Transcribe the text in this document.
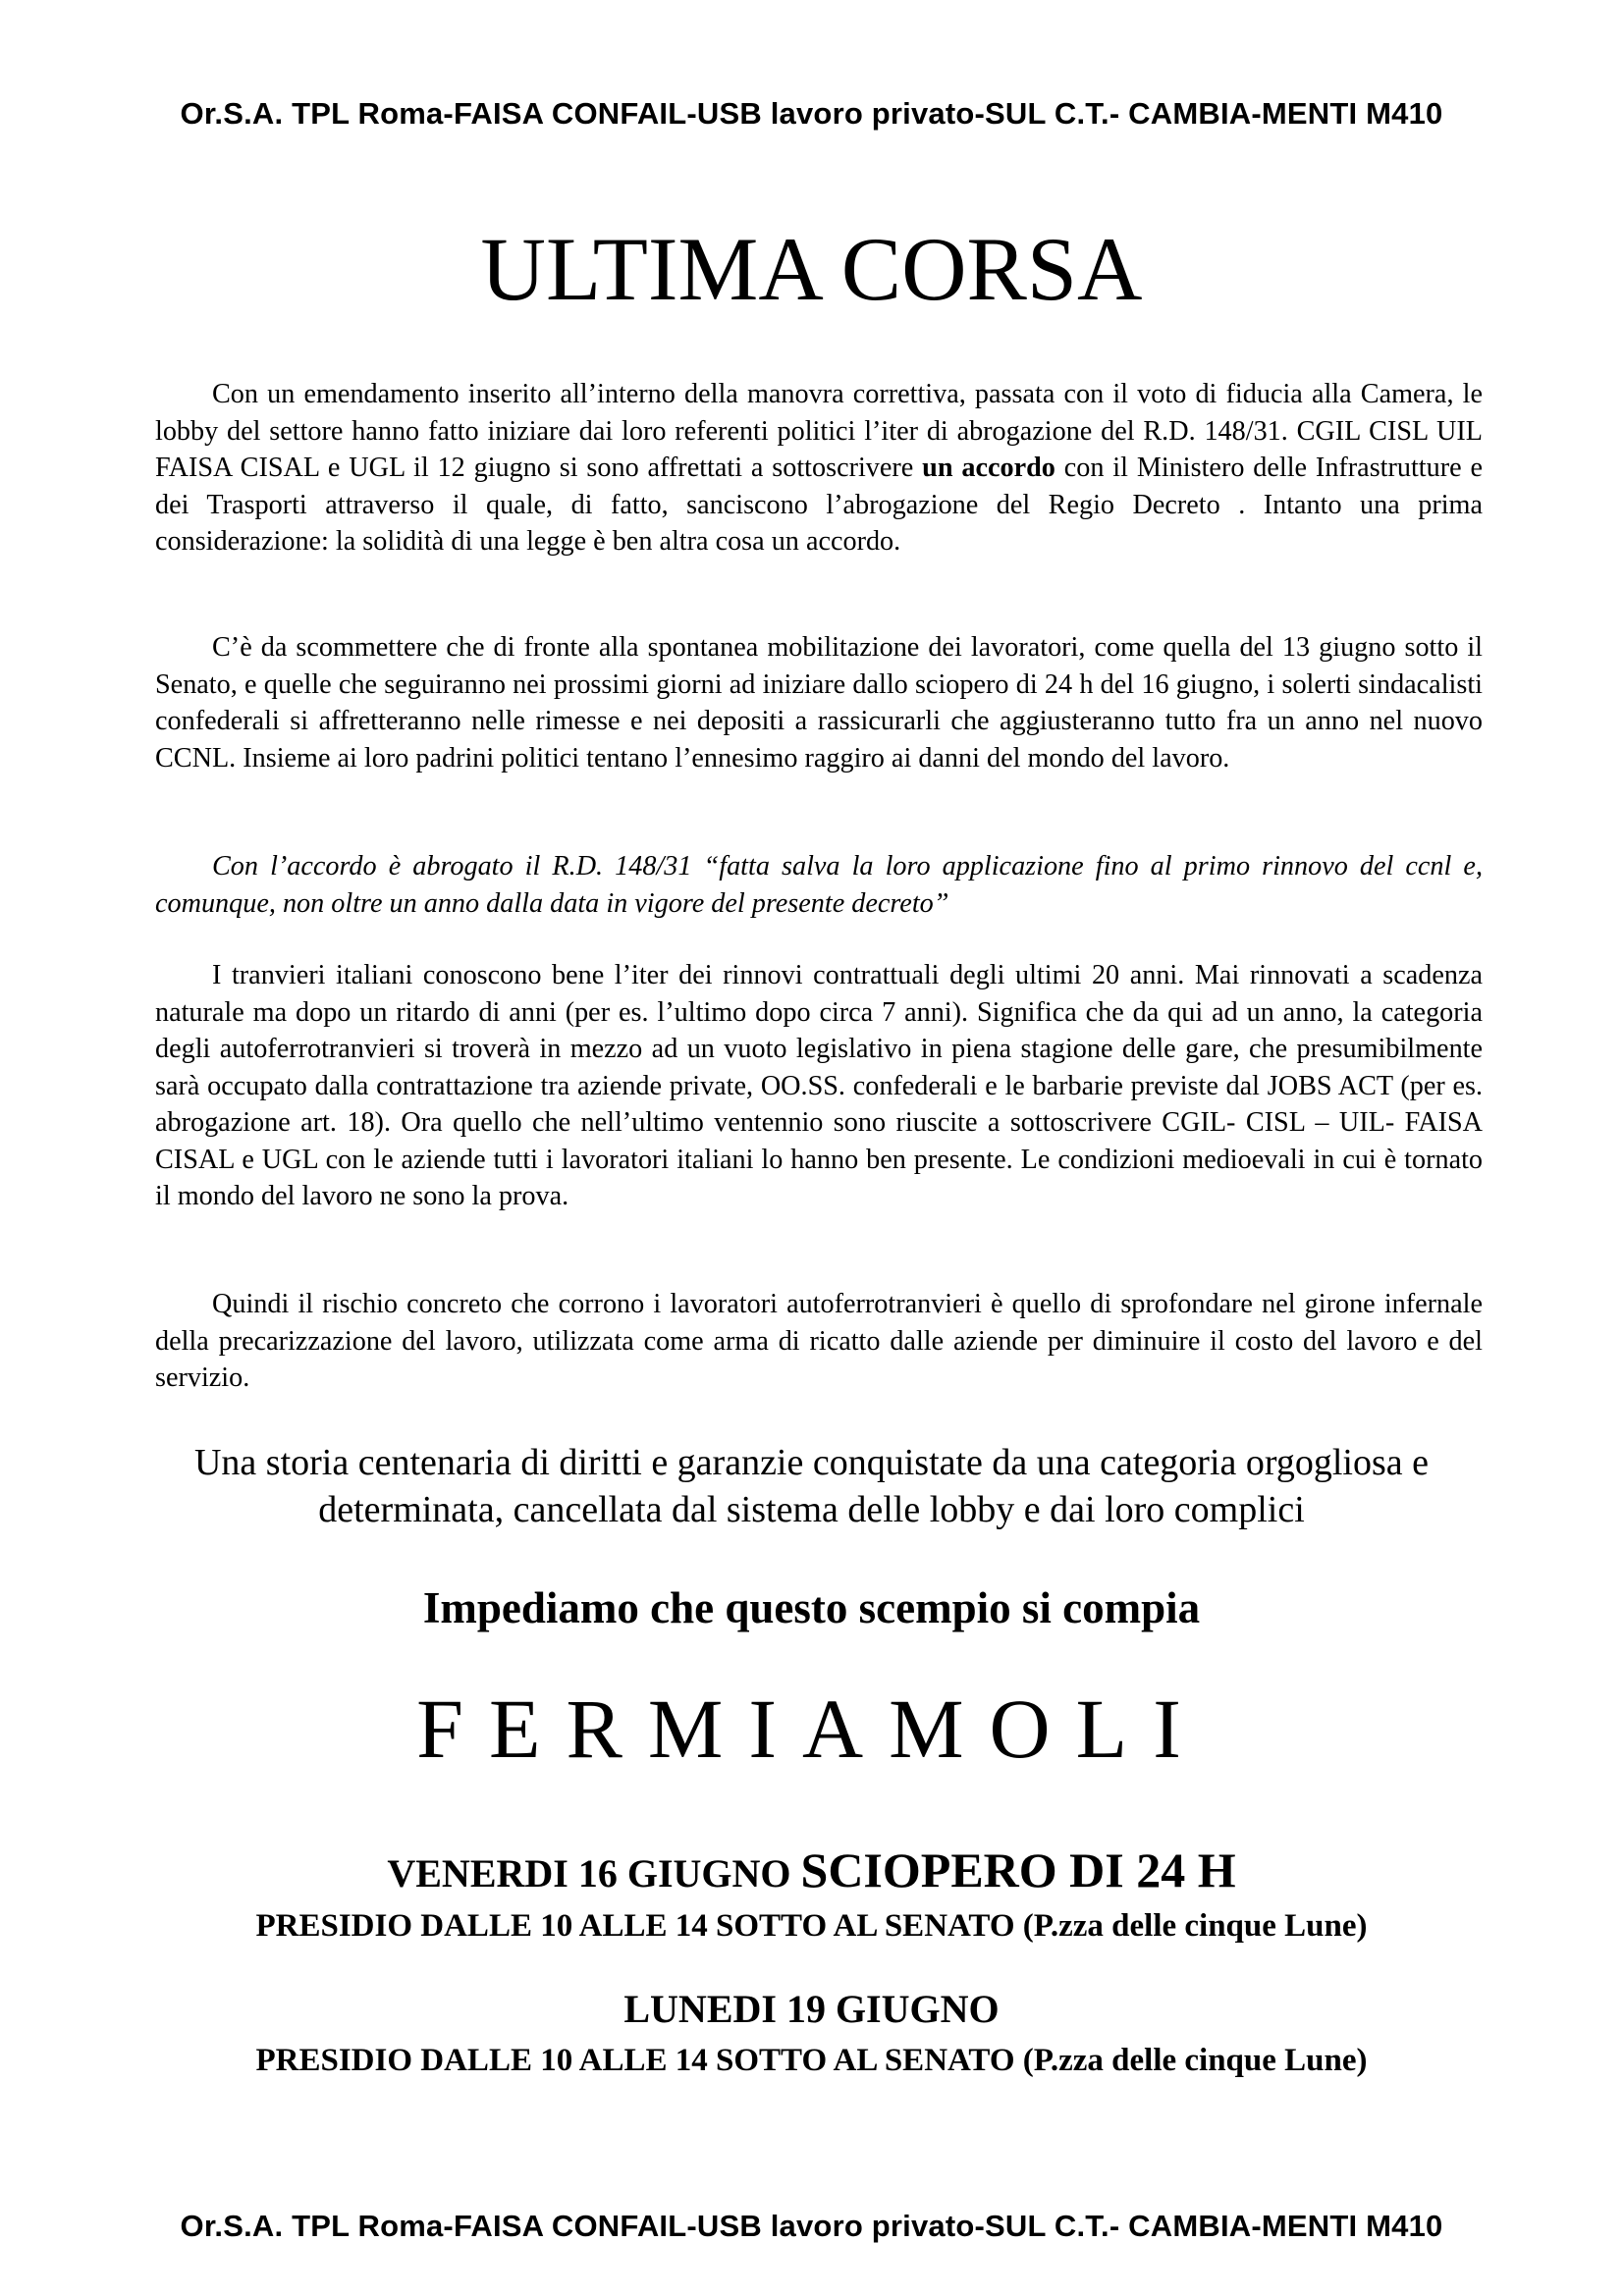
Or.S.A. TPL Roma-FAISA CONFAIL-USB lavoro privato-SUL C.T.- CAMBIA-MENTI M410
ULTIMA CORSA

Con un emendamento inserito all’interno della manovra correttiva, passata con il voto di fiducia alla Camera, le lobby del settore hanno fatto iniziare dai loro referenti politici l’iter di abrogazione del R.D. 148/31. CGIL CISL UIL FAISA CISAL e UGL il 12 giugno si sono affrettati a sottoscrivere un accordo con il Ministero delle Infrastrutture e dei Trasporti attraverso il quale, di fatto, sanciscono l’abrogazione del Regio Decreto . Intanto una prima considerazione: la solidità di una legge è ben altra cosa un accordo.

C’è da scommettere che di fronte alla spontanea mobilitazione dei lavoratori, come quella del 13 giugno sotto il Senato, e quelle che seguiranno nei prossimi giorni ad iniziare dallo sciopero di 24 h del 16 giugno, i solerti sindacalisti confederali si affretteranno nelle rimesse e nei depositi a rassicurarli che aggiusteranno tutto fra un anno nel nuovo CCNL. Insieme ai loro padrini politici tentano l’ennesimo raggiro ai danni del mondo del lavoro.

Con l’accordo è abrogato il R.D. 148/31 “fatta salva la loro applicazione fino al primo rinnovo del ccnl e, comunque, non oltre un anno dalla data in vigore del presente decreto”

I tranvieri italiani conoscono bene l’iter dei rinnovi contrattuali degli ultimi 20 anni. Mai rinnovati a scadenza naturale ma dopo un ritardo di anni (per es. l’ultimo dopo circa 7 anni). Significa che da qui ad un anno, la categoria degli autoferrotranvieri si troverà in mezzo ad un vuoto legislativo in piena stagione delle gare, che presumibilmente sarà occupato dalla contrattazione tra aziende private, OO.SS. confederali e le barbarie previste dal JOBS ACT (per es. abrogazione art. 18). Ora quello che nell’ultimo ventennio sono riuscite a sottoscrivere CGIL- CISL – UIL- FAISA CISAL e UGL con le aziende tutti i lavoratori italiani lo hanno ben presente. Le condizioni medioevali in cui è tornato il mondo del lavoro ne sono la prova.

Quindi il rischio concreto che corrono i lavoratori autoferrotranvieri è quello di sprofondare nel girone infernale della precarizzazione del lavoro, utilizzata come arma di ricatto dalle aziende per diminuire il costo del lavoro e del servizio.

Una storia centenaria di diritti e garanzie conquistate da una categoria orgogliosa e
determinata, cancellata dal sistema delle lobby e dai loro complici
Impediamo che questo scempio si compia
FERMIAMOLI
VENERDI 16 GIUGNO SCIOPERO DI 24 H
PRESIDIO DALLE 10 ALLE 14 SOTTO AL SENATO (P.zza delle cinque Lune)
LUNEDI 19 GIUGNO
PRESIDIO DALLE 10 ALLE 14 SOTTO AL SENATO (P.zza delle cinque Lune)
Or.S.A. TPL Roma-FAISA CONFAIL-USB lavoro privato-SUL C.T.- CAMBIA-MENTI M410
